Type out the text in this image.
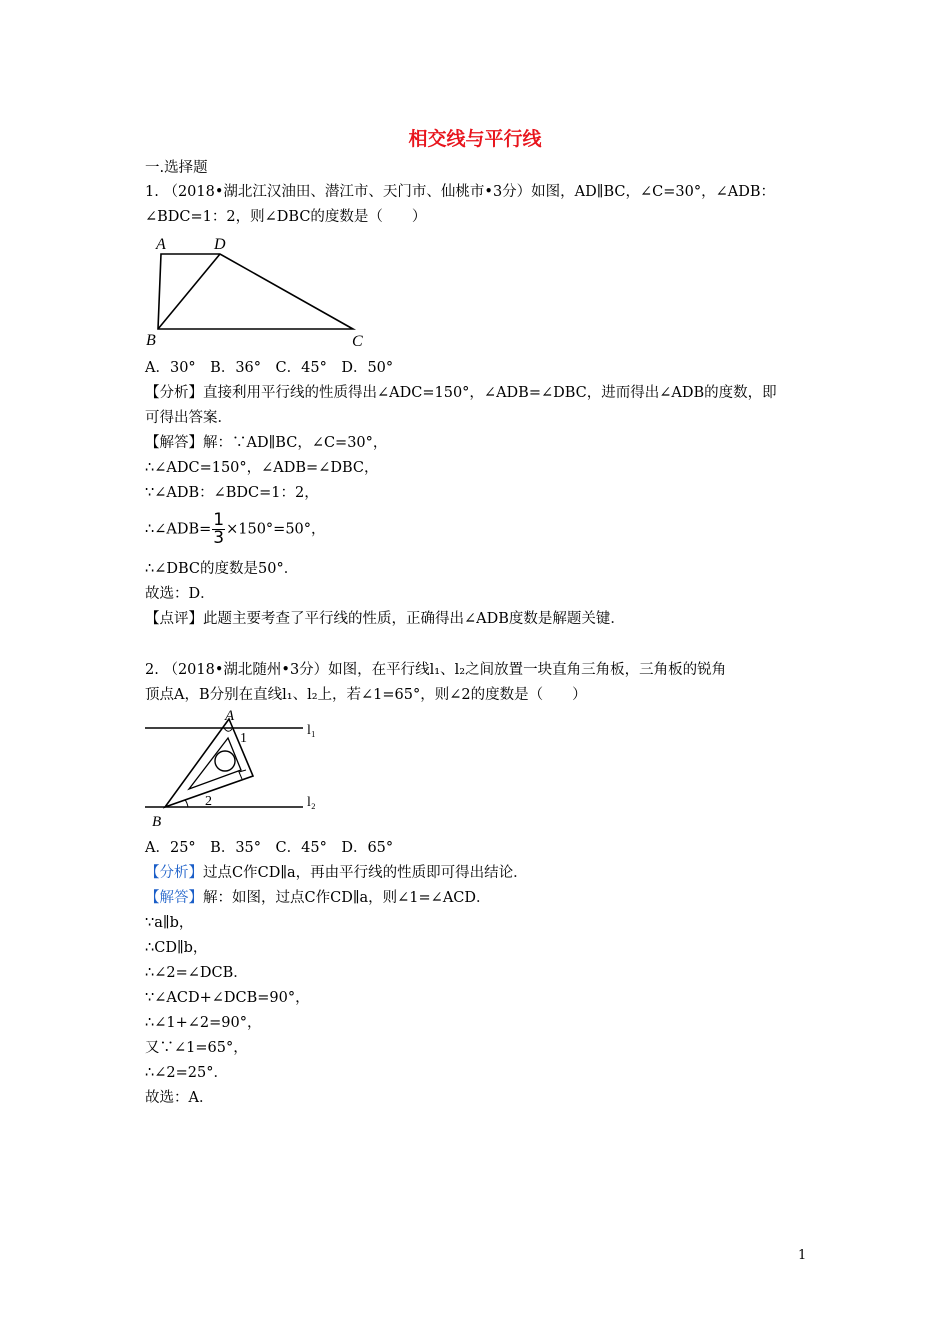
相交线与平行线
一.选择题
1. （2018•湖北江汉油田、潜江市、天门市、仙桃市•3分）如图，AD∥BC，∠C=30°，∠ADB：
∠BDC=1：2，则∠DBC的度数是（　　）
A	D
B	C
A．30°　B．36°　C．45°　D．50°
【分析】直接利用平行线的性质得出∠ADC=150°，∠ADB=∠DBC，进而得出∠ADB的度数，即
可得出答案．
【解答】解：∵AD∥BC，∠C=30°，
∴∠ADC=150°，∠ADB=∠DBC，
∵∠ADB：∠BDC=1：2，
∴∠ADB= $\frac{1}{3} \times 150^\circ=50^\circ$，
∴∠DBC的度数是50°．
故选：D．
【点评】此题主要考查了平行线的性质，正确得出∠ADB度数是解题关键．
2. （2018•湖北随州•3分）如图，在平行线l₁、l₂之间放置一块直角三角板，三角板的锐角
顶点A，B分别在直线l₁、l₂上，若∠1=65°，则∠2的度数是（　　）
A
B
1
2
l₁
l₂
A．25°　B．35°　C．45°　D．65°
【分析】过点C作CD∥a，再由平行线的性质即可得出结论．
【解答】解：如图，过点C作CD∥a，则∠1=∠ACD．
∵a∥b，
∴CD∥b，
∴∠2=∠DCB．
∵∠ACD+∠DCB=90°，
∴∠1+∠2=90°，
又∵∠1=65°，
∴∠2=25°．
故选：A．
1
